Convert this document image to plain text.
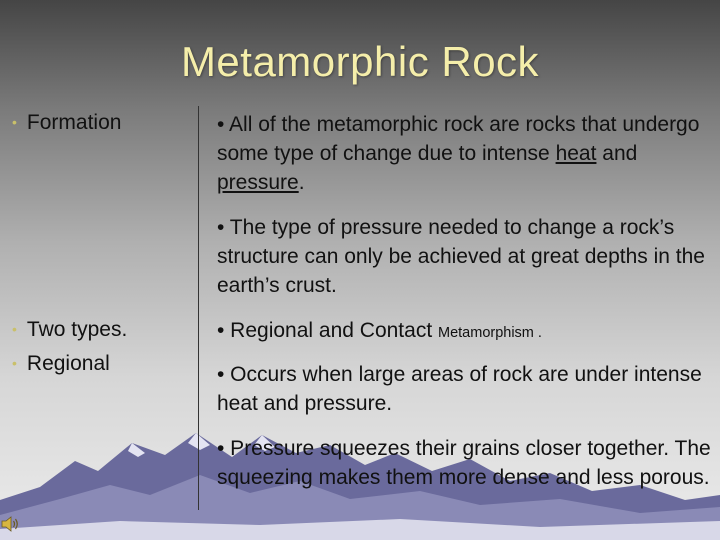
Metamorphic Rock
• Formation
• Two types.
• Regional

• All of the metamorphic rock are rocks that undergo some type of change due to intense heat and pressure.

• The type of pressure needed to change a rock’s structure can only be achieved at great depths in the earth’s crust.

• Regional and Contact Metamorphism .

• Occurs when large areas of rock are under intense heat and pressure.

• Pressure squeezes their grains closer together. The squeezing makes them more dense and less porous.
